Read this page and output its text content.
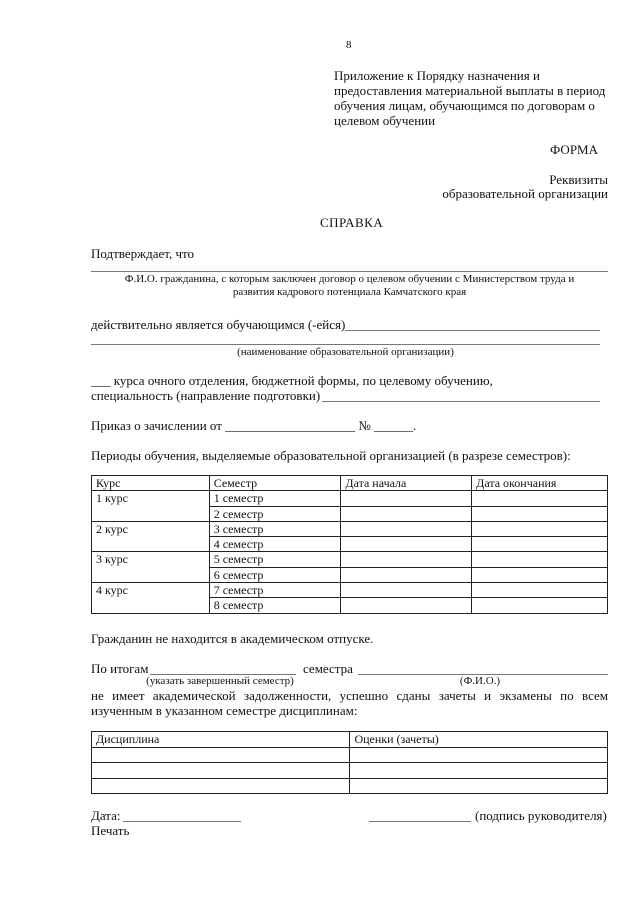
8
Приложение к Порядку назначения и
предоставления материальной выплаты в период
обучения лицам, обучающимся по договорам о
целевом обучении
ФОРМА
Реквизиты
образовательной организации
СПРАВКА
Подтверждает, что
Ф.И.О. гражданина, с которым заключен договор о целевом обучении с Министерством труда и
развития кадрового потенциала Камчатского края
действительно является обучающимся (-ейся)
(наименование образовательной организации)
___ курса очного отделения, бюджетной формы, по целевому обучению,
специальность (направление подготовки)
Приказ о зачислении от ____________________ № ______.
Периоды обучения, выделяемые образовательной организацией (в разрезе семестров):
Курс	Семестр	Дата начала	Дата окончания
1 курс	1 семестр		
	2 семестр		
2 курс	3 семестр		
	4 семестр		
3 курс	5 семестр		
	6 семестр		
4 курс	7 семестр		
	8 семестр		
Гражданин не находится в академическом отпуске.
По итогам	семестра
(указать завершенный семестр)	(Ф.И.О.)
не имеет академической задолженности, успешно сданы зачеты и экзамены по всем
изученным в указанном семестре дисциплинам:
Дисциплина	Оценки (зачеты)

Дата:	(подпись руководителя)
Печать
